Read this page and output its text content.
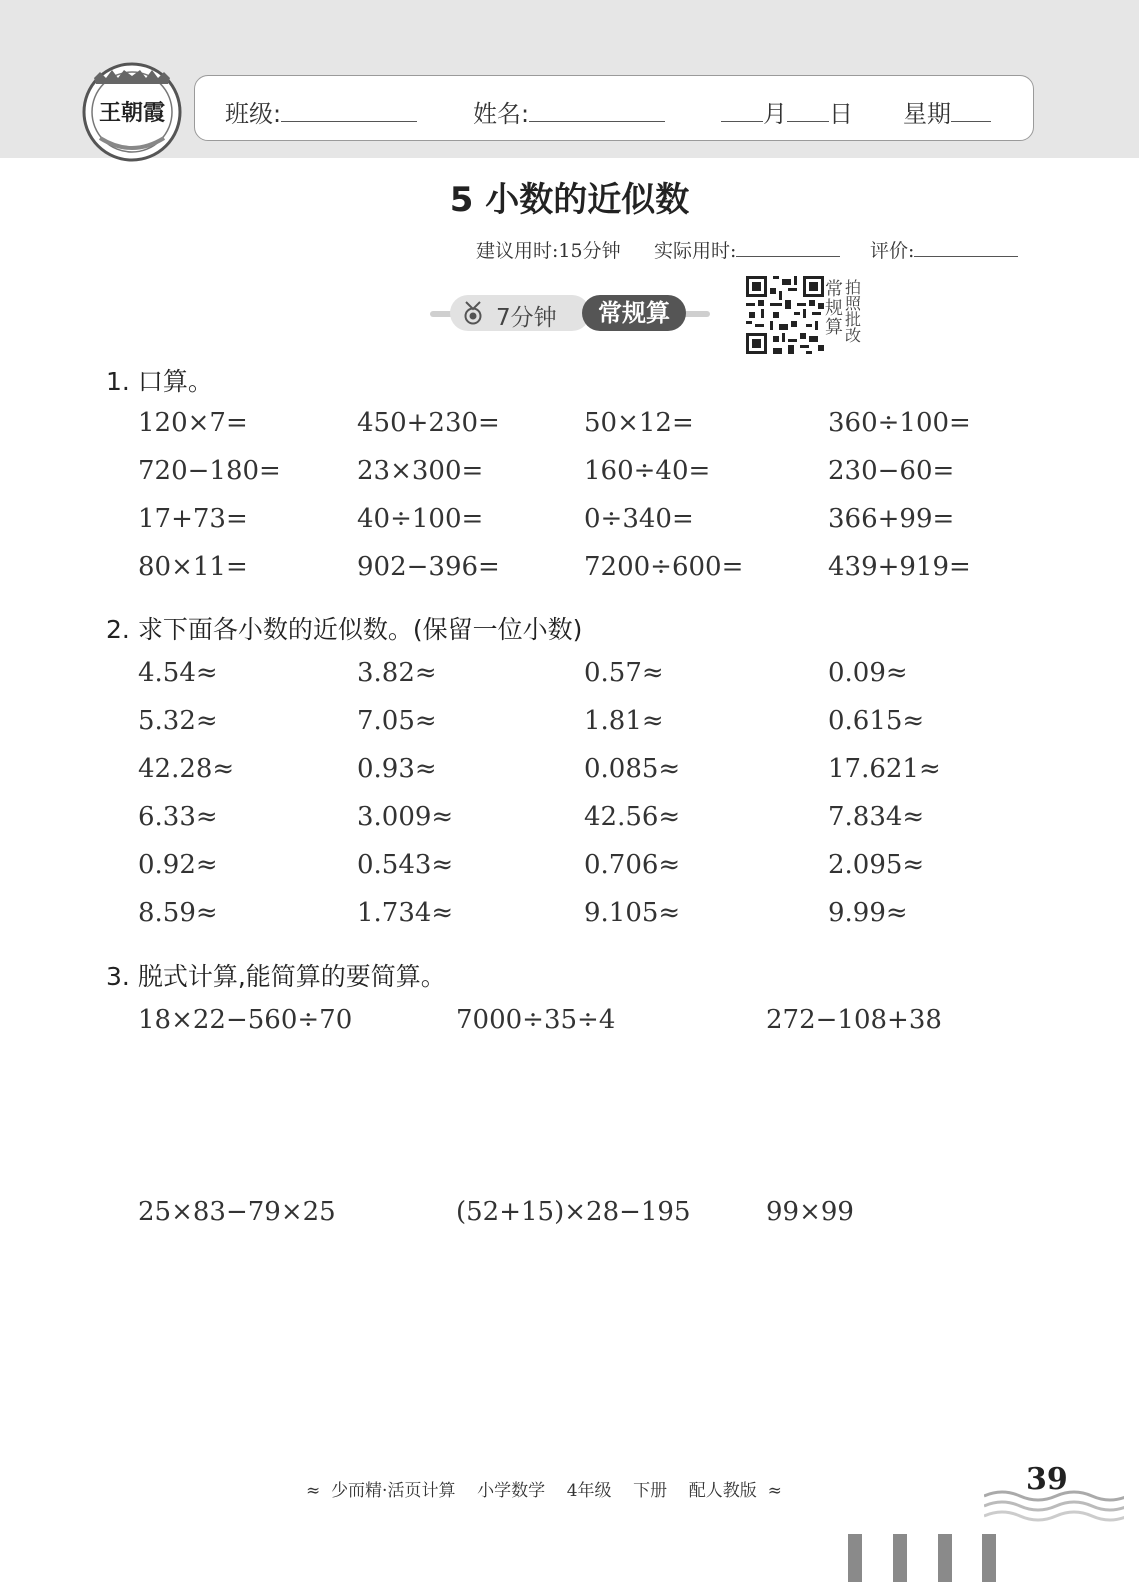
王朝霞 班级:	姓名:	月 日 星期
5 小数的近似数
建议用时:15分钟 实际用时:	评价:
7分钟	常规算
常
规
算
拍
照
批
改
1. 口算。
120×7=	450+230=	50×12=	360÷100=
720−180=	23×300=	160÷40=	230−60=
17+73=	40÷100=	0÷340=	366+99=
80×11=	902−396=	7200÷600=	439+919=
2. 求下面各小数的近似数。(保留一位小数)
4.54≈	3.82≈	0.57≈	0.09≈
5.32≈	7.05≈	1.81≈	0.615≈
42.28≈	0.93≈	0.085≈	17.621≈
6.33≈	3.009≈	42.56≈	7.834≈
0.92≈	0.543≈	0.706≈	2.095≈
8.59≈	1.734≈	9.105≈	9.99≈
3. 脱式计算,能简算的要简算。
18×22−560÷70	7000÷35÷4	272−108+38
25×83−79×25	(52+15)×28−195	99×99
≈ 少而精·活页计算 小学数学 4年级 下册 配人教版 ≈	39
